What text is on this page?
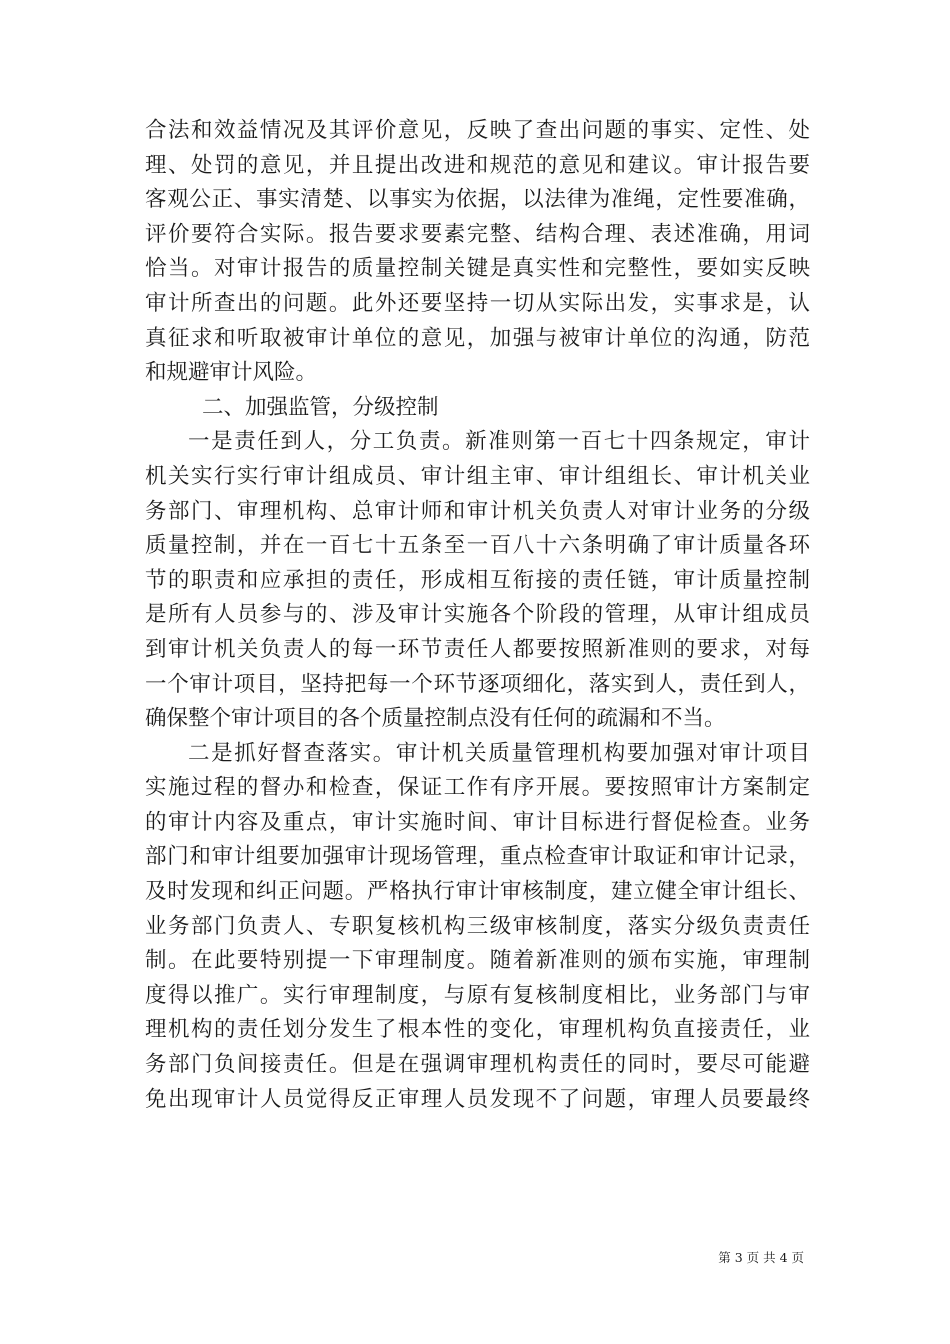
合法和效益情况及其评价意见，反映了查出问题的事实、定性、处
理、处罚的意见，并且提出改进和规范的意见和建议。审计报告要
客观公正、事实清楚、以事实为依据，以法律为准绳，定性要准确，
评价要符合实际。报告要求要素完整、结构合理、表述准确，用词
恰当。对审计报告的质量控制关键是真实性和完整性，要如实反映
审计所查出的问题。此外还要坚持一切从实际出发，实事求是，认
真征求和听取被审计单位的意见，加强与被审计单位的沟通，防范
和规避审计风险。
二、加强监管，分级控制
一是责任到人，分工负责。新准则第一百七十四条规定，审计
机关实行实行审计组成员、审计组主审、审计组组长、审计机关业
务部门、审理机构、总审计师和审计机关负责人对审计业务的分级
质量控制，并在一百七十五条至一百八十六条明确了审计质量各环
节的职责和应承担的责任，形成相互衔接的责任链，审计质量控制
是所有人员参与的、涉及审计实施各个阶段的管理，从审计组成员
到审计机关负责人的每一环节责任人都要按照新准则的要求，对每
一个审计项目，坚持把每一个环节逐项细化，落实到人，责任到人，
确保整个审计项目的各个质量控制点没有任何的疏漏和不当。
二是抓好督查落实。审计机关质量管理机构要加强对审计项目
实施过程的督办和检查，保证工作有序开展。要按照审计方案制定
的审计内容及重点，审计实施时间、审计目标进行督促检查。业务
部门和审计组要加强审计现场管理，重点检查审计取证和审计记录，
及时发现和纠正问题。严格执行审计审核制度，建立健全审计组长、
业务部门负责人、专职复核机构三级审核制度，落实分级负责责任
制。在此要特别提一下审理制度。随着新准则的颁布实施，审理制
度得以推广。实行审理制度，与原有复核制度相比，业务部门与审
理机构的责任划分发生了根本性的变化，审理机构负直接责任，业
务部门负间接责任。但是在强调审理机构责任的同时，要尽可能避
免出现审计人员觉得反正审理人员发现不了问题，审理人员要最终
第 3 页 共 4 页
